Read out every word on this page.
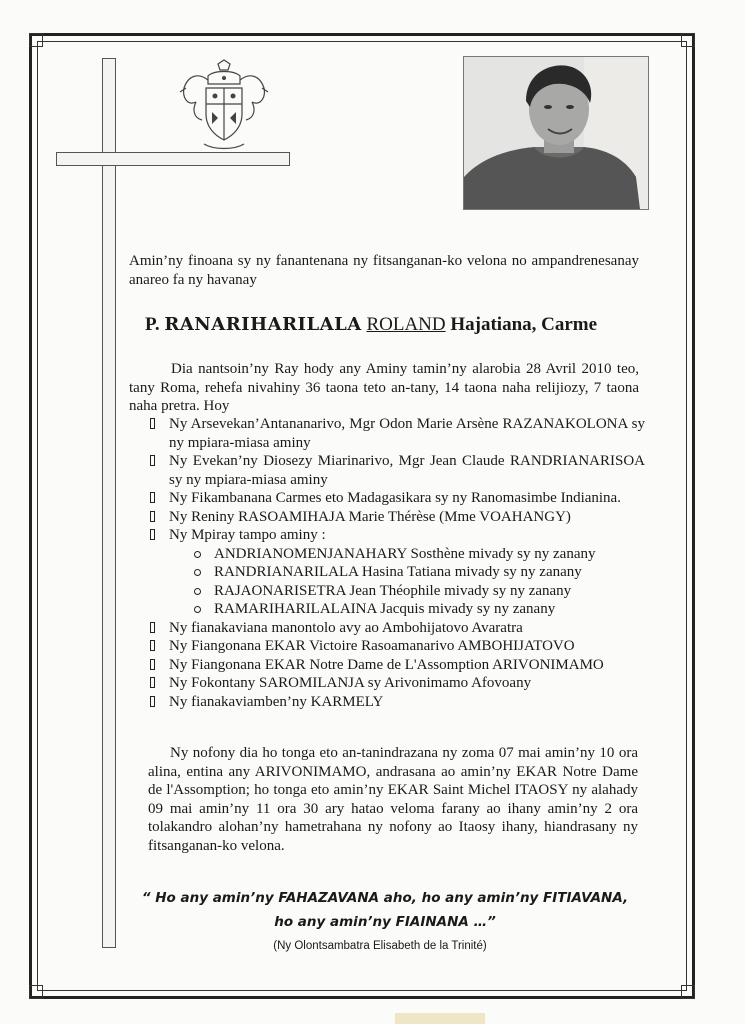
Amin’ny finoana sy ny fanantenana ny fitsanganan-ko velona no ampandrenesanay anareo fa ny havanay
P. RANARIHARILALA ROLAND Hajatiana, Carme
Dia nantsoin’ny Ray hody any Aminy tamin’ny alarobia 28 Avril 2010 teo, tany Roma, rehefa nivahiny 36 taona teto an-tany, 14 taona naha relijiozy, 7 taona naha pretra. Hoy
Ny Arsevekan’Antananarivo, Mgr Odon Marie Arsène RAZANAKOLONA sy ny mpiara-miasa aminy
Ny Evekan’ny Diosezy Miarinarivo, Mgr Jean Claude RANDRIANARISOA sy ny mpiara-miasa aminy
Ny Fikambanana Carmes eto Madagasikara sy ny Ranomasimbe Indianina.
Ny Reniny RASOAMIHAJA Marie Thérèse (Mme VOAHANGY)
Ny Mpiray tampo aminy :
ANDRIANOMENJANAHARY Sosthène mivady sy ny zanany
RANDRIANARILALA Hasina Tatiana mivady sy ny zanany
RAJAONARISETRA Jean Théophile mivady sy ny zanany
RAMARIHARILALAINA Jacquis mivady sy ny zanany
Ny fianakaviana manontolo avy ao Ambohijatovo Avaratra
Ny Fiangonana EKAR Victoire Rasoamanarivo AMBOHIJATOVO
Ny Fiangonana EKAR Notre Dame de L'Assomption ARIVONIMAMO
Ny Fokontany SAROMILANJA sy Arivonimamo Afovoany
Ny fianakaviamben’ny KARMELY
Ny nofony dia ho tonga eto an-tanindrazana ny zoma 07 mai amin’ny 10 ora alina, entina any ARIVONIMAMO, andrasana ao amin’ny EKAR Notre Dame de l'Assomption; ho tonga eto amin’ny EKAR Saint Michel ITAOSY ny alahady 09 mai amin’ny 11 ora 30 ary hatao veloma farany ao ihany amin’ny 2 ora tolakandro alohan’ny hametrahana ny nofony ao Itaosy ihany, hiandrasany ny fitsanganan-ko velona.
“ Ho any amin’ny FAHAZAVANA aho, ho any amin’ny FITIAVANA,
ho any amin’ny FIAINANA …”
(Ny Olontsambatra Elisabeth de la Trinité)
